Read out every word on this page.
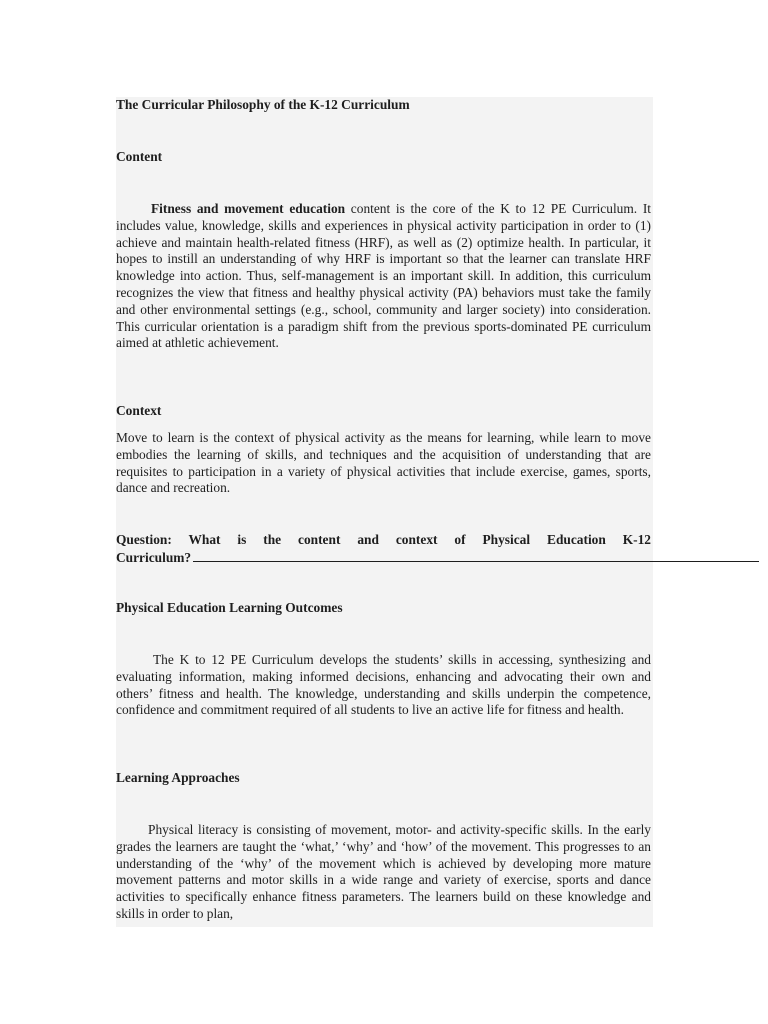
The Curricular Philosophy of the K-12 Curriculum

Content

Fitness and movement education content is the core of the K to 12 PE Curriculum. It includes value, knowledge, skills and experiences in physical activity participation in order to (1) achieve and maintain health-related fitness (HRF), as well as (2) optimize health. In particular, it hopes to instill an understanding of why HRF is important so that the learner can translate HRF knowledge into action. Thus, self-management is an important skill. In addition, this curriculum recognizes the view that fitness and healthy physical activity (PA) behaviors must take the family and other environmental settings (e.g., school, community and larger society) into consideration. This curricular orientation is a paradigm shift from the previous sports-dominated PE curriculum aimed at athletic achievement.

Context

Move to learn is the context of physical activity as the means for learning, while learn to move embodies the learning of skills, and techniques and the acquisition of understanding that are requisites to participation in a variety of physical activities that include exercise, games, sports, dance and recreation.

Question: What is the content and context of Physical Education K-12

Curriculum?

Physical Education Learning Outcomes

The K to 12 PE Curriculum develops the students’ skills in accessing, synthesizing and evaluating information, making informed decisions, enhancing and advocating their own and others’ fitness and health. The knowledge, understanding and skills underpin the competence, confidence and commitment required of all students to live an active life for fitness and health.

Learning Approaches

Physical literacy is consisting of movement, motor- and activity-specific skills. In the early grades the learners are taught the ‘what,’ ‘why’ and ‘how’ of the movement. This progresses to an understanding of the ‘why’ of the movement which is achieved by developing more mature movement patterns and motor skills in a wide range and variety of exercise, sports and dance activities to specifically enhance fitness parameters. The learners build on these knowledge and skills in order to plan,
